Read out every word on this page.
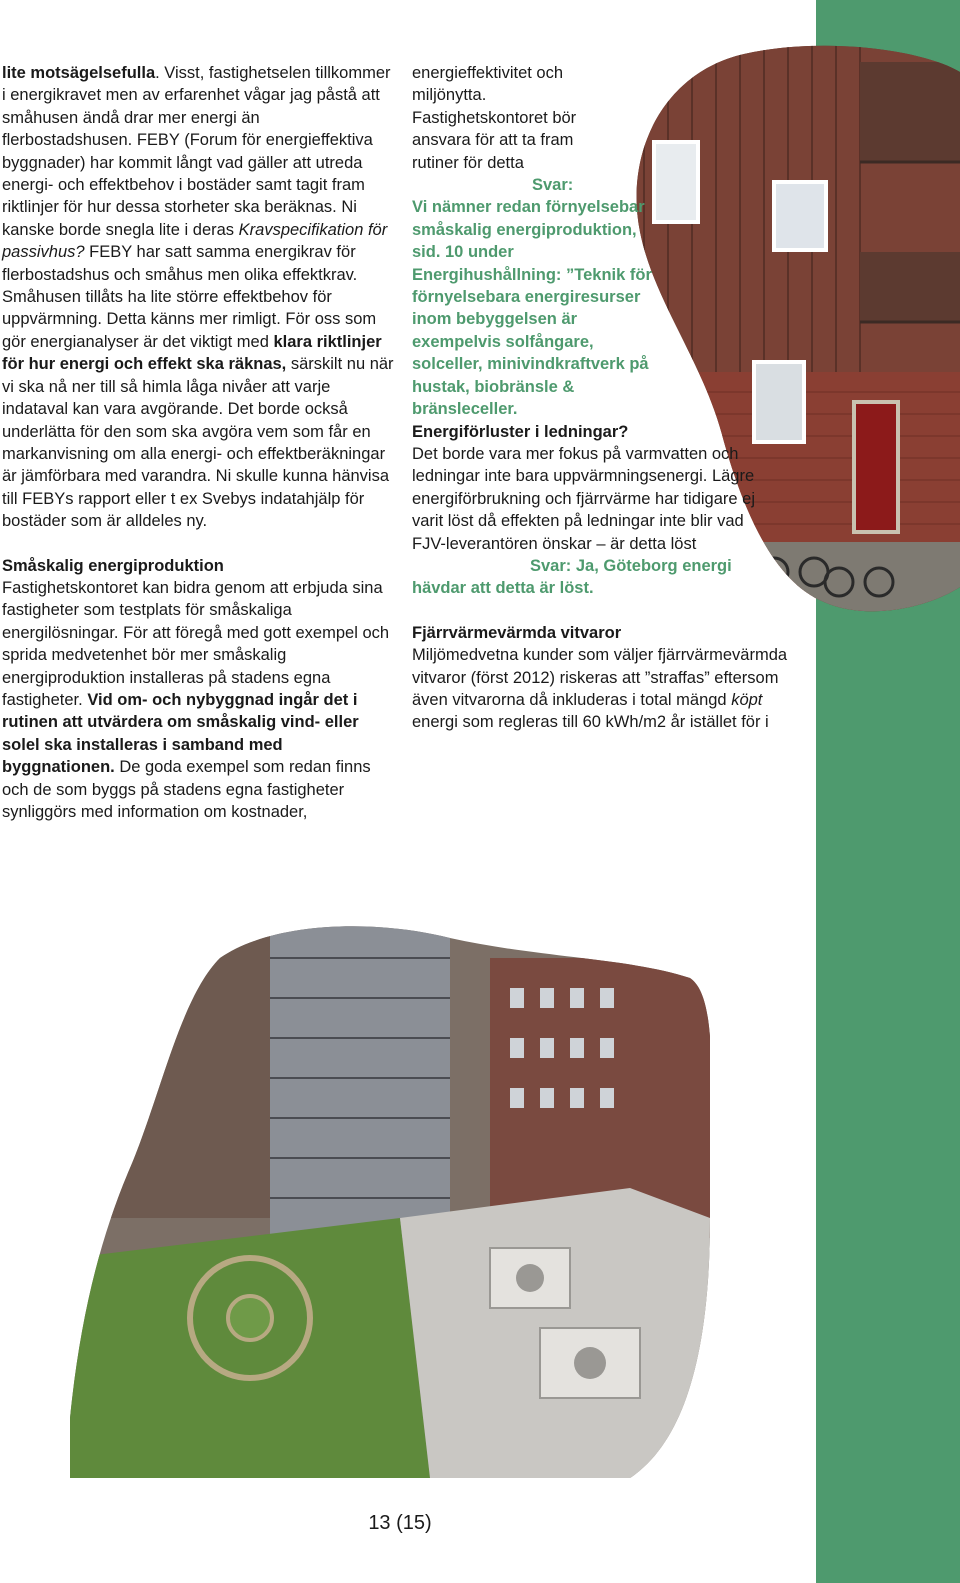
lite motsägelsefulla. Visst, fastighetselen tillkommer i energikravet men av erfarenhet vågar jag påstå att småhusen ändå drar mer energi än flerbostadshusen. FEBY (Forum för energieffektiva byggnader) har kommit långt vad gäller att utreda energi- och effektbehov i bostäder samt tagit fram riktlinjer för hur dessa storheter ska beräknas. Ni kanske borde snegla lite i deras Kravspecifikation för passivhus? FEBY har satt samma energikrav för flerbostadshus och småhus men olika effektkrav. Småhusen tillåts ha lite större effektbehov för uppvärmning. Detta känns mer rimligt. För oss som gör energianalyser är det viktigt med klara riktlinjer för hur energi och effekt ska räknas, särskilt nu när vi ska nå ner till så himla låga nivåer att varje indataval kan vara avgörande. Det borde också underlätta för den som ska avgöra vem som får en markanvisning om alla energi- och effektberäkningar är jämförbara med varandra. Ni skulle kunna hänvisa till FEBYs rapport eller t ex Svebys indatahjälp för bostäder som är alldeles ny.

Småskalig energiproduktion

Fastighetskontoret kan bidra genom att erbjuda sina fastigheter som testplats för småskaliga energilösningar. För att föregå med gott exempel och sprida medvetenhet bör mer småskalig energiproduktion installeras på stadens egna fastigheter. Vid om- och nybyggnad ingår det i rutinen att utvärdera om småskalig vind- eller solel ska installeras i samband med byggnationen. De goda exempel som redan finns och de som byggs på stadens egna fastigheter synliggörs med information om kostnader,

energieffektivitet och miljönytta. Fastighetskontoret bör ansvara för att ta fram rutiner för detta

Svar:

Vi nämner redan förnyelsebar småskalig energiproduktion, sid. 10 under Energihushållning: ”Teknik för förnyelsebara energiresurser inom bebyggelsen är exempelvis solfångare, solceller, minivindkraftverk på hustak, biobränsle & bränsleceller.

Energiförluster i ledningar?

Det borde vara mer fokus på varmvatten och ledningar inte bara uppvärmningsenergi. Lägre energiförbrukning och fjärrvärme har tidigare ej varit löst då effekten på ledningar inte blir vad FJV-leverantören önskar – är detta löst

Svar: Ja, Göteborg energi hävdar att detta är löst.

Fjärrvärmevärmda vitvaror

Miljömedvetna kunder som väljer fjärrvärmevärmda vitvaror (först 2012) riskeras att ”straffas” eftersom även vitvarorna då inkluderas i total mängd köpt energi som regleras till 60 kWh/m2 år istället för i

13 (15)
